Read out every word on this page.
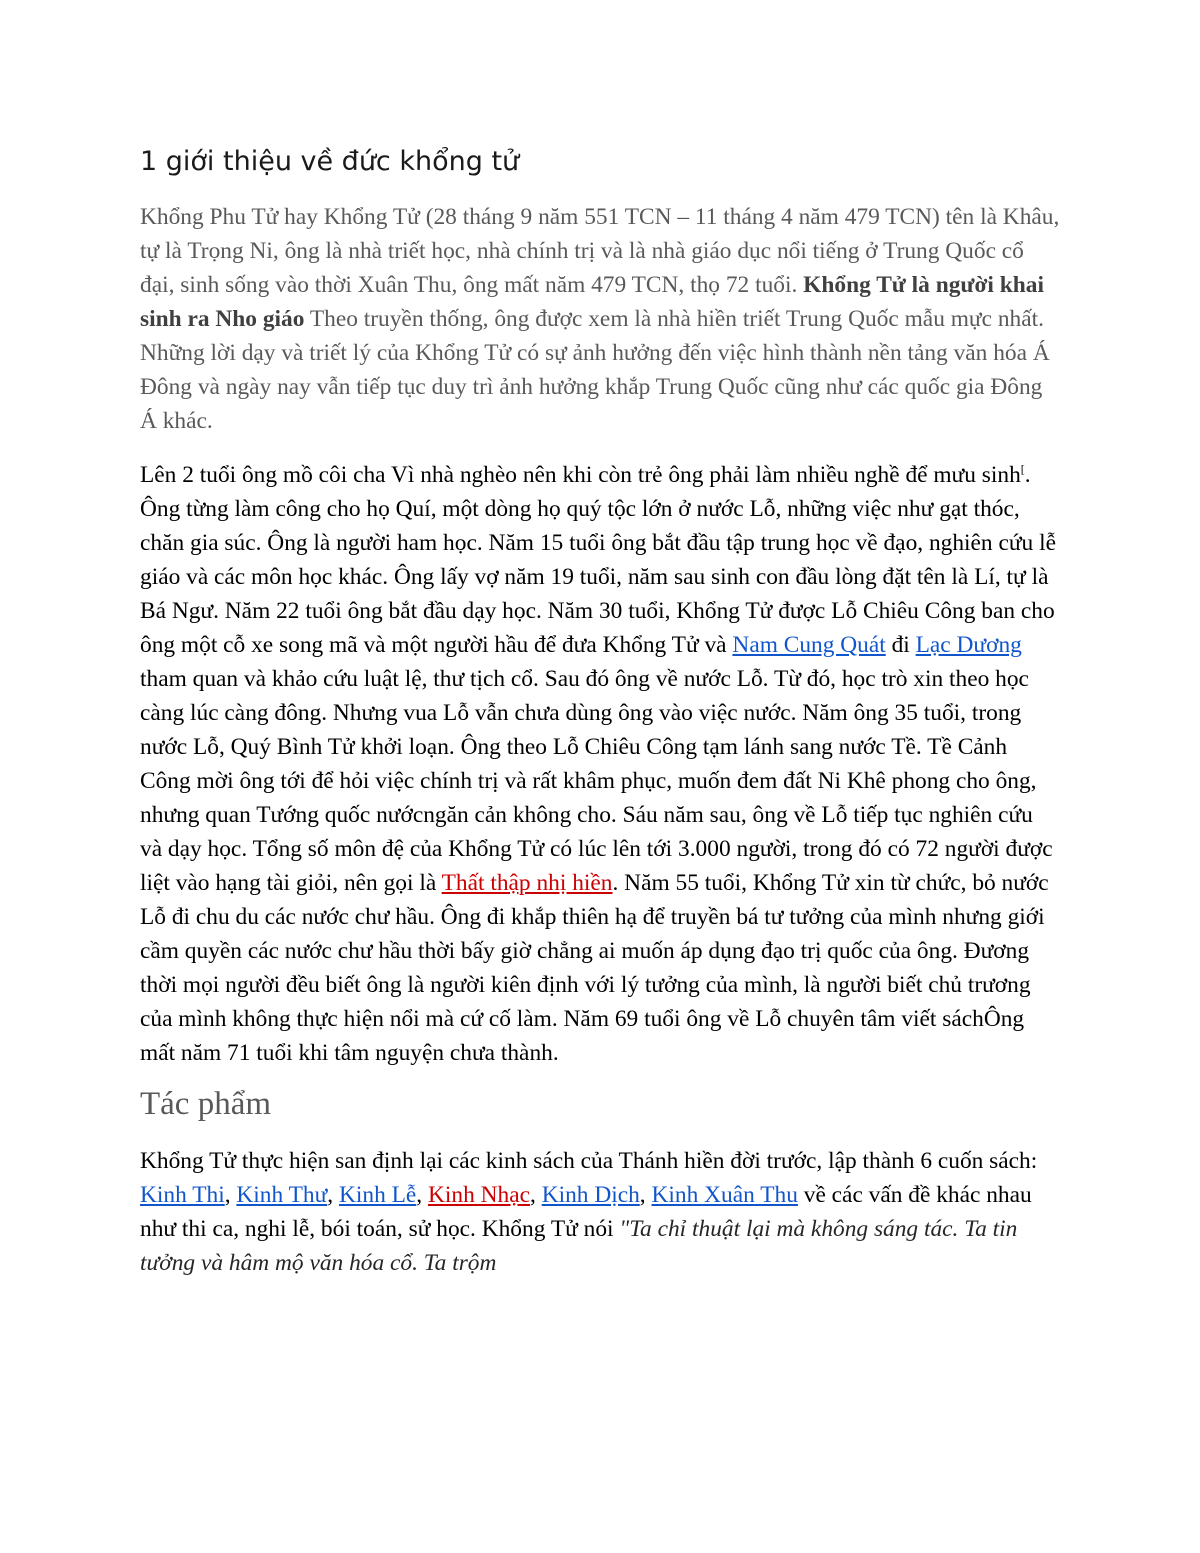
1 giới thiệu về đức khổng tử

Khổng Phu Tử hay Khổng Tử (28 tháng 9 năm 551 TCN – 11 tháng 4 năm 479 TCN) tên là Khâu, tự là Trọng Ni, ông là nhà triết học, nhà chính trị và là nhà giáo dục nổi tiếng ở Trung Quốc cổ đại, sinh sống vào thời Xuân Thu, ông mất năm 479 TCN, thọ 72 tuổi. Khổng Tử là người khai sinh ra Nho giáo Theo truyền thống, ông được xem là nhà hiền triết Trung Quốc mẫu mực nhất. Những lời dạy và triết lý của Khổng Tử có sự ảnh hưởng đến việc hình thành nền tảng văn hóa Á Đông và ngày nay vẫn tiếp tục duy trì ảnh hưởng khắp Trung Quốc cũng như các quốc gia Đông Á khác.

Lên 2 tuổi ông mồ côi cha Vì nhà nghèo nên khi còn trẻ ông phải làm nhiều nghề để mưu sinh[. Ông từng làm công cho họ Quí, một dòng họ quý tộc lớn ở nước Lỗ, những việc như gạt thóc, chăn gia súc. Ông là người ham học. Năm 15 tuổi ông bắt đầu tập trung học về đạo, nghiên cứu lễ giáo và các môn học khác. Ông lấy vợ năm 19 tuổi, năm sau sinh con đầu lòng đặt tên là Lí, tự là Bá Ngư. Năm 22 tuổi ông bắt đầu dạy học. Năm 30 tuổi, Khổng Tử được Lỗ Chiêu Công ban cho ông một cỗ xe song mã và một người hầu để đưa Khổng Tử và Nam Cung Quát đi Lạc Dương tham quan và khảo cứu luật lệ, thư tịch cổ. Sau đó ông về nước Lỗ. Từ đó, học trò xin theo học càng lúc càng đông. Nhưng vua Lỗ vẫn chưa dùng ông vào việc nước. Năm ông 35 tuổi, trong nước Lỗ, Quý Bình Tử khởi loạn. Ông theo Lỗ Chiêu Công tạm lánh sang nước Tề. Tề Cảnh Công mời ông tới để hỏi việc chính trị và rất khâm phục, muốn đem đất Ni Khê phong cho ông, nhưng quan Tướng quốc nướcngăn cản không cho. Sáu năm sau, ông về Lỗ tiếp tục nghiên cứu và dạy học. Tổng số môn đệ của Khổng Tử có lúc lên tới 3.000 người, trong đó có 72 người được liệt vào hạng tài giỏi, nên gọi là Thất thập nhị hiền. Năm 55 tuổi, Khổng Tử xin từ chức, bỏ nước Lỗ đi chu du các nước chư hầu. Ông đi khắp thiên hạ để truyền bá tư tưởng của mình nhưng giới cầm quyền các nước chư hầu thời bấy giờ chẳng ai muốn áp dụng đạo trị quốc của ông. Đương thời mọi người đều biết ông là người kiên định với lý tưởng của mình, là người biết chủ trương của mình không thực hiện nổi mà cứ cố làm. Năm 69 tuổi ông về Lỗ chuyên tâm viết sáchÔng mất năm 71 tuổi khi tâm nguyện chưa thành.

Tác phẩm

Khổng Tử thực hiện san định lại các kinh sách của Thánh hiền đời trước, lập thành 6 cuốn sách: Kinh Thi, Kinh Thư, Kinh Lễ, Kinh Nhạc, Kinh Dịch, Kinh Xuân Thu về các vấn đề khác nhau như thi ca, nghi lễ, bói toán, sử học. Khổng Tử nói "Ta chỉ thuật lại mà không sáng tác. Ta tin tưởng và hâm mộ văn hóa cổ. Ta trộm
